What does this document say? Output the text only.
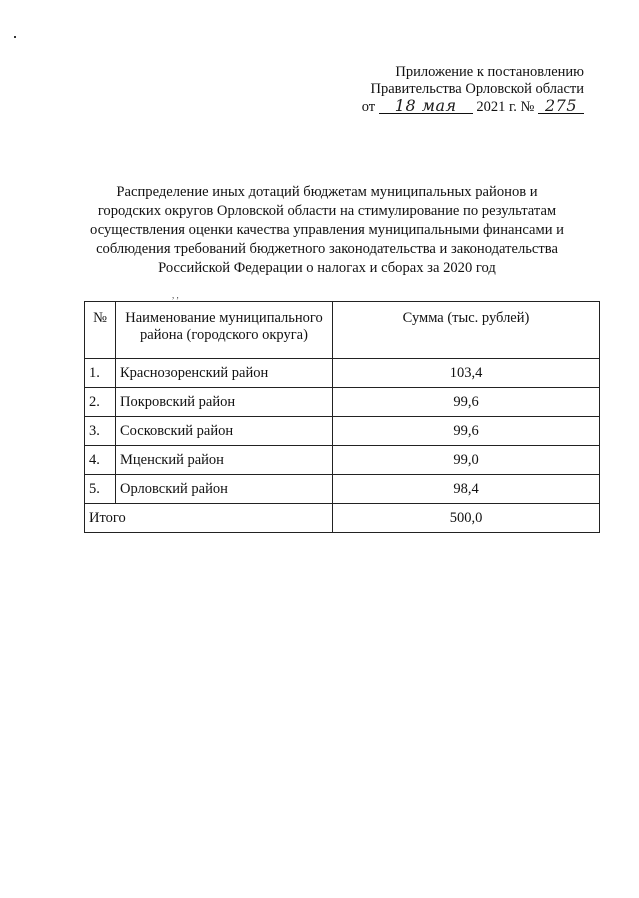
Приложение к постановлению
Правительства Орловской области
от 18 мая 2021 г. № 275
Распределение иных дотаций бюджетам муниципальных районов и городских округов Орловской области на стимулирование по результатам осуществления оценки качества управления муниципальными финансами и соблюдения требований бюджетного законодательства и законодательства Российской Федерации о налогах и сборах за 2020 год
, ,
№	Наименование муниципального района (городского округа)	Сумма (тыс. рублей)
1.	Краснозоренский район	103,4
2.	Покровский район	99,6
3.	Сосковский район	99,6
4.	Мценский район	99,0
5.	Орловский район	98,4
Итого		500,0
